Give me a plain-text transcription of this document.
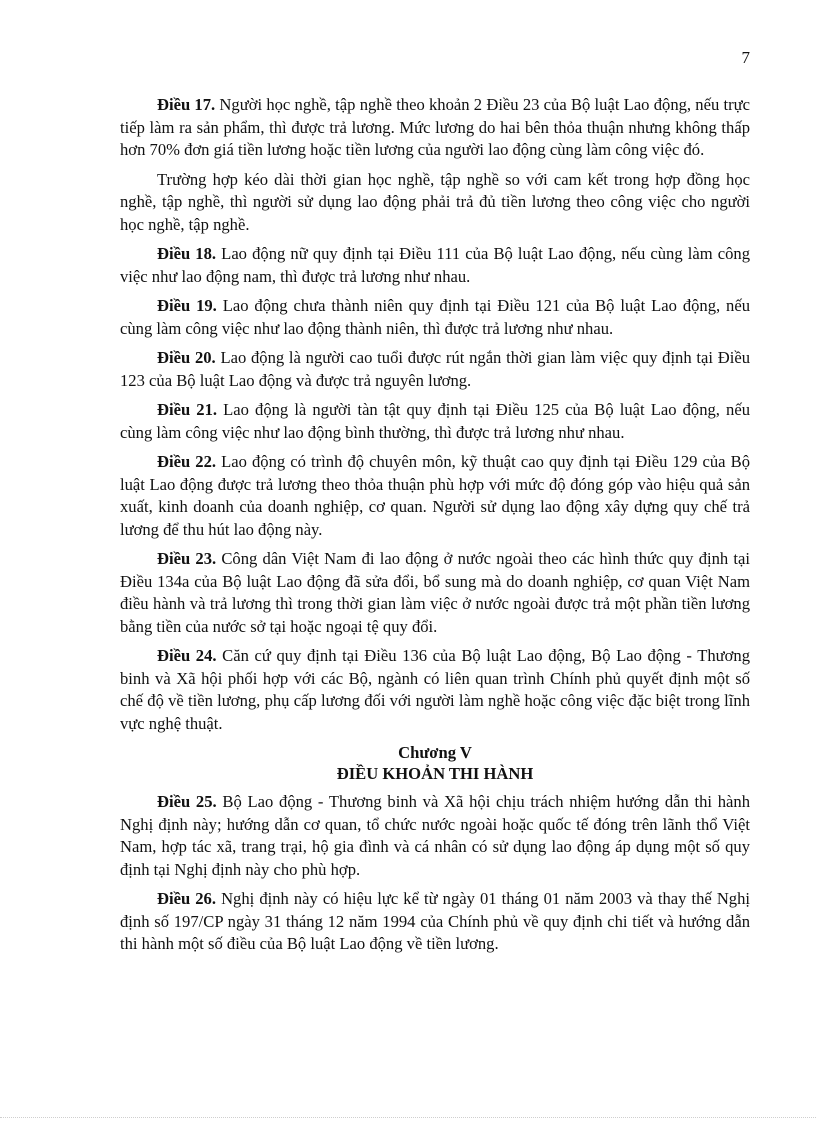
7

Điều 17. Người học nghề, tập nghề theo khoản 2 Điều 23 của Bộ luật Lao động, nếu trực tiếp làm ra sản phẩm, thì được trả lương. Mức lương do hai bên thỏa thuận nhưng không thấp hơn 70% đơn giá tiền lương hoặc tiền lương của người lao động cùng làm công việc đó.

Trường hợp kéo dài thời gian học nghề, tập nghề so với cam kết trong hợp đồng học nghề, tập nghề, thì người sử dụng lao động phải trả đủ tiền lương theo công việc cho người học nghề, tập nghề.

Điều 18. Lao động nữ quy định tại Điều 111 của Bộ luật Lao động, nếu cùng làm công việc như lao động nam, thì được trả lương như nhau.

Điều 19. Lao động chưa thành niên quy định tại Điều 121 của Bộ luật Lao động, nếu cùng làm công việc như lao động thành niên, thì được trả lương như nhau.

Điều 20. Lao động là người cao tuổi được rút ngắn thời gian làm việc quy định tại Điều 123 của Bộ luật Lao động và được trả nguyên lương.

Điều 21. Lao động là người tàn tật quy định tại Điều 125 của Bộ luật Lao động, nếu cùng làm công việc như lao động bình thường, thì được trả lương như nhau.

Điều 22. Lao động có trình độ chuyên môn, kỹ thuật cao quy định tại Điều 129 của Bộ luật Lao động được trả lương theo thỏa thuận phù hợp với mức độ đóng góp vào hiệu quả sản xuất, kinh doanh của doanh nghiệp, cơ quan. Người sử dụng lao động xây dựng quy chế trả lương để thu hút lao động này.

Điều 23. Công dân Việt Nam đi lao động ở nước ngoài theo các hình thức quy định tại Điều 134a của Bộ luật Lao động đã sửa đổi, bổ sung mà do doanh nghiệp, cơ quan Việt Nam điều hành và trả lương thì trong thời gian làm việc ở nước ngoài được trả một phần tiền lương bằng tiền của nước sở tại hoặc ngoại tệ quy đổi.

Điều 24. Căn cứ quy định tại Điều 136 của Bộ luật Lao động, Bộ Lao động - Thương binh và Xã hội phối hợp với các Bộ, ngành có liên quan trình Chính phủ quyết định một số chế độ về tiền lương, phụ cấp lương đối với người làm nghề hoặc công việc đặc biệt trong lĩnh vực nghệ thuật.

Chương V
ĐIỀU KHOẢN THI HÀNH

Điều 25. Bộ Lao động - Thương binh và Xã hội chịu trách nhiệm hướng dẫn thi hành Nghị định này; hướng dẫn cơ quan, tổ chức nước ngoài hoặc quốc tế đóng trên lãnh thổ Việt Nam, hợp tác xã, trang trại, hộ gia đình và cá nhân có sử dụng lao động áp dụng một số quy định tại Nghị định này cho phù hợp.

Điều 26. Nghị định này có hiệu lực kể từ ngày 01 tháng 01 năm 2003 và thay thế Nghị định số 197/CP ngày 31 tháng 12 năm 1994 của Chính phủ về quy định chi tiết và hướng dẫn thi hành một số điều của Bộ luật Lao động về tiền lương.
